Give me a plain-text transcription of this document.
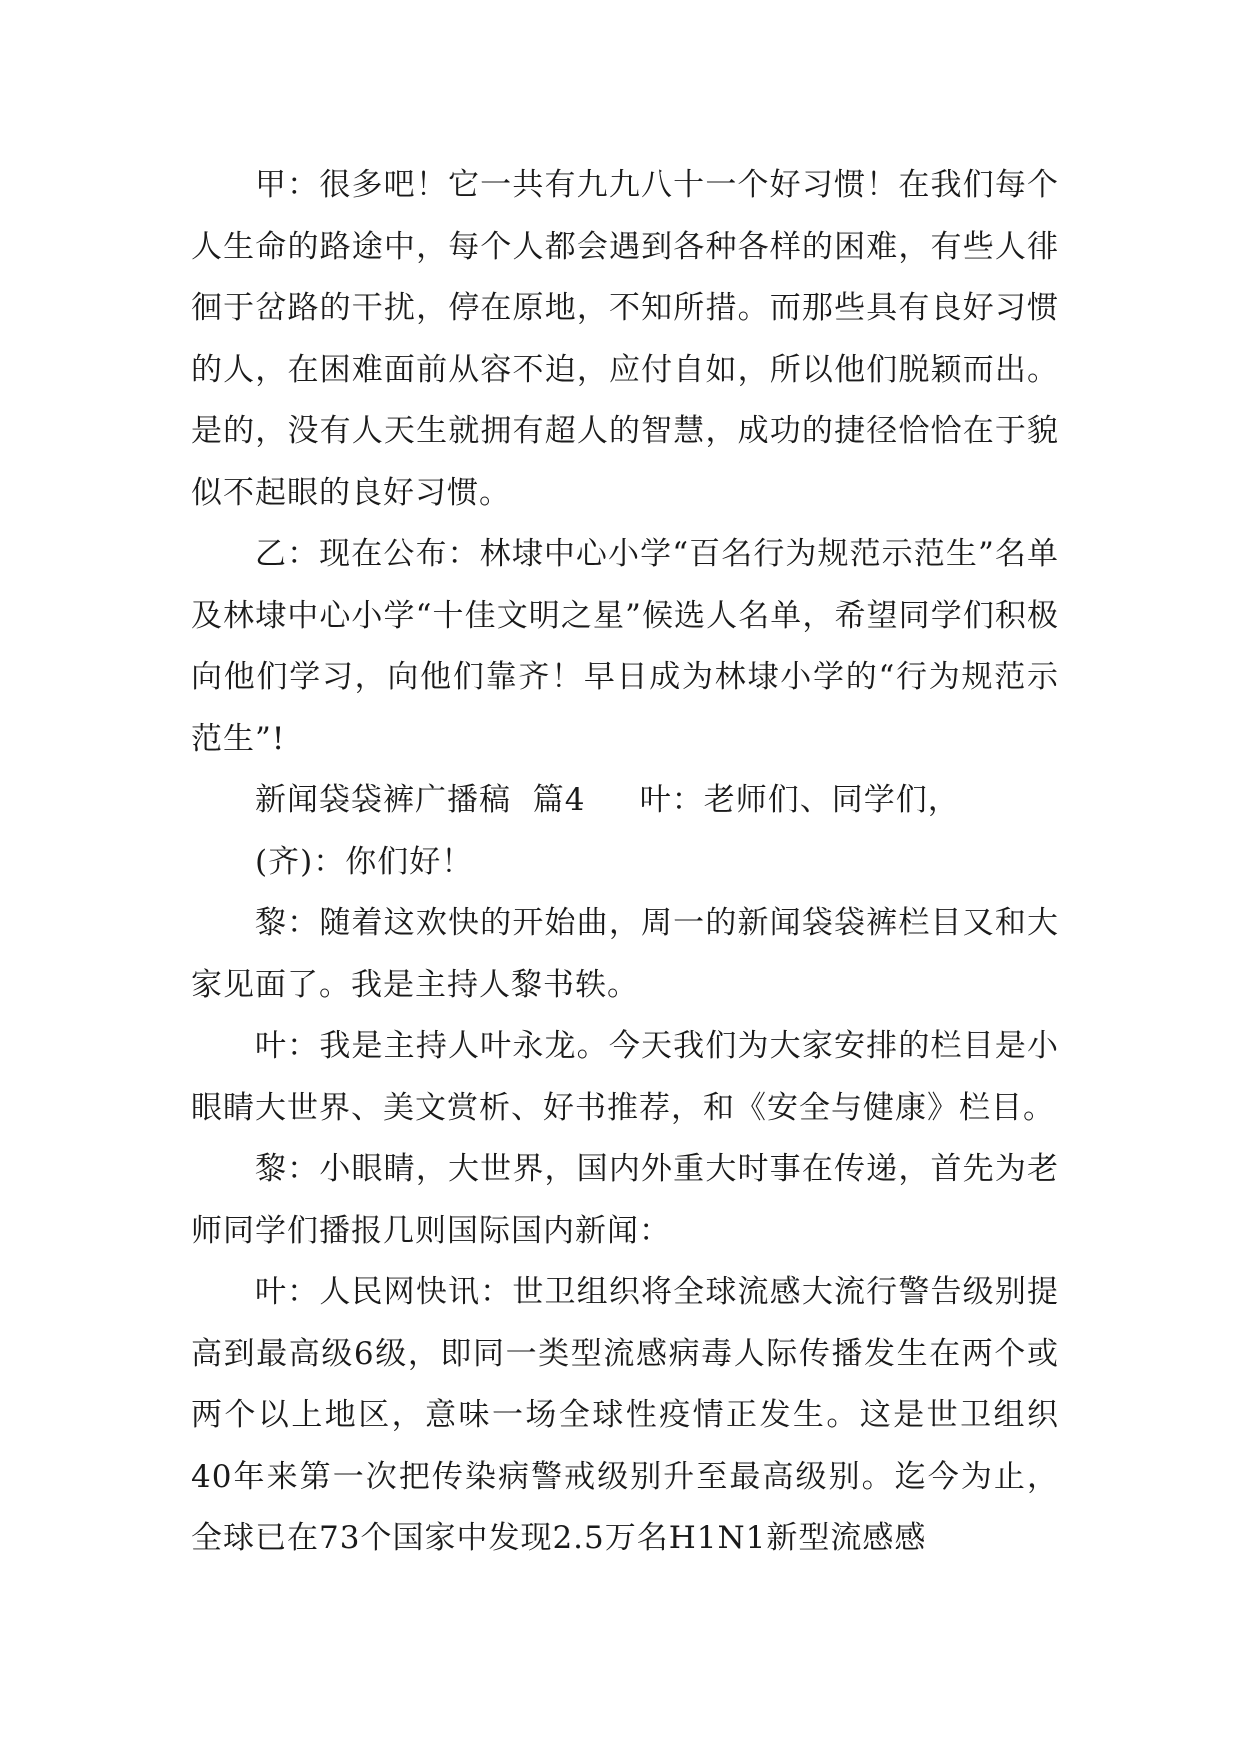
甲：很多吧！它一共有九九八十一个好习惯！在我们每个人生命的路途中，每个人都会遇到各种各样的困难，有些人徘徊于岔路的干扰，停在原地，不知所措。而那些具有良好习惯的人，在困难面前从容不迫，应付自如，所以他们脱颖而出。是的，没有人天生就拥有超人的智慧，成功的捷径恰恰在于貌似不起眼的良好习惯。

乙：现在公布：林埭中心小学“百名行为规范示范生”名单及林埭中心小学“十佳文明之星”候选人名单，希望同学们积极向他们学习，向他们靠齐！早日成为林埭小学的“行为规范示范生”!

新闻袋袋裤广播稿  篇4     叶：老师们、同学们，

(齐)：你们好！

黎：随着这欢快的开始曲，周一的新闻袋袋裤栏目又和大家见面了。我是主持人黎书轶。

叶：我是主持人叶永龙。今天我们为大家安排的栏目是小眼睛大世界、美文赏析、好书推荐，和《安全与健康》栏目。

黎：小眼睛，大世界，国内外重大时事在传递，首先为老师同学们播报几则国际国内新闻：

叶：人民网快讯：世卫组织将全球流感大流行警告级别提高到最高级6级，即同一类型流感病毒人际传播发生在两个或两个以上地区，意味一场全球性疫情正发生。这是世卫组织40年来第一次把传染病警戒级别升至最高级别。迄今为止，全球已在73个国家中发现2.5万名H1N1新型流感感
